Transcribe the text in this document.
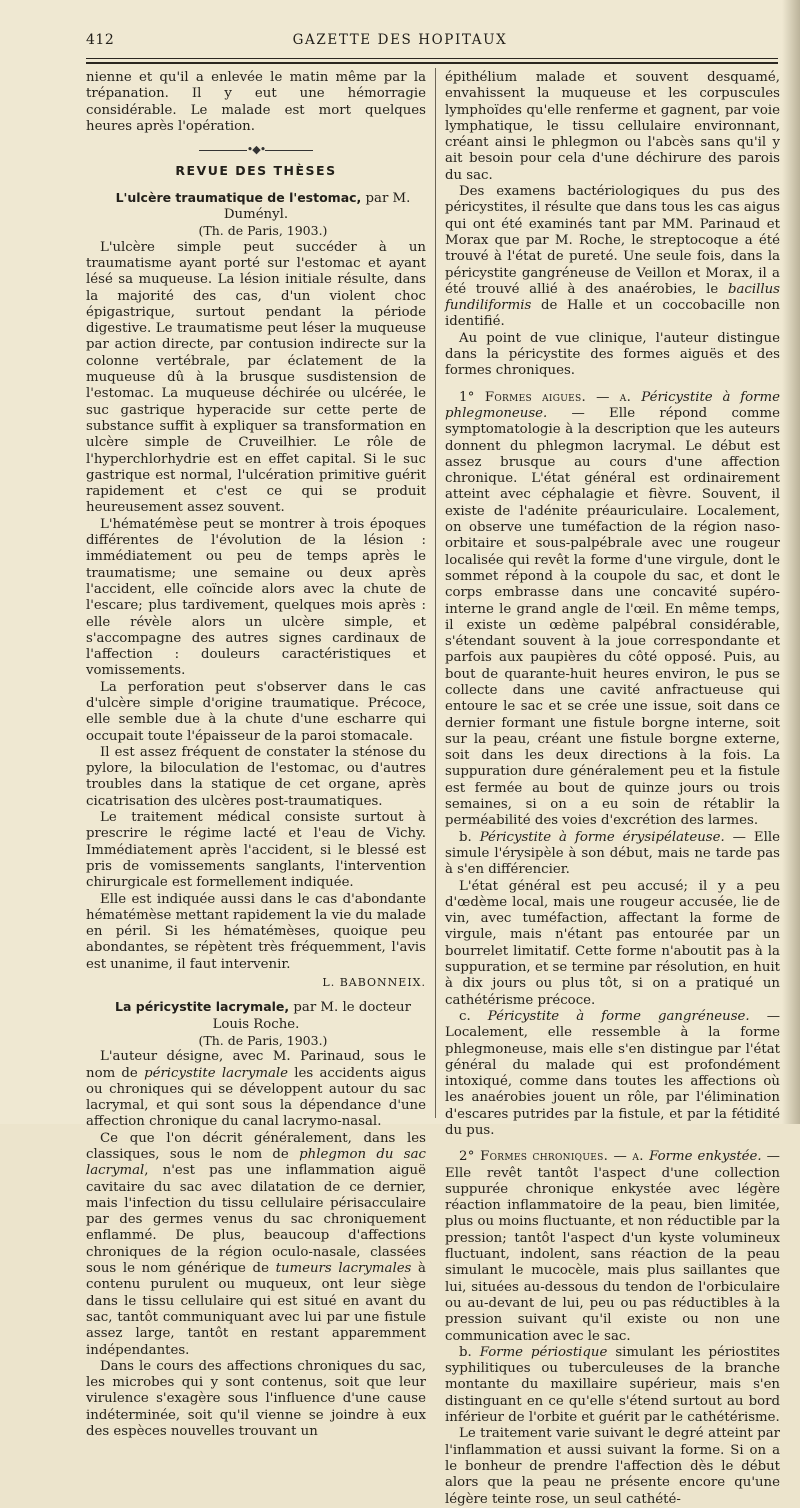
GAZETTE DES HOPITAUX
412

nienne et qu'il a enlevée le matin même par la trépanation. Il y eut une hémorragie considérable. Le malade est mort quelques heures après l'opération.

•◆•
REVUE DES THÈSES

L'ulcère traumatique de l'estomac, par M. Duményl.

(Th. de Paris, 1903.)

L'ulcère simple peut succéder à un traumatisme ayant porté sur l'estomac et ayant lésé sa muqueuse. La lésion initiale résulte, dans la majorité des cas, d'un violent choc épigastrique, surtout pendant la période digestive. Le traumatisme peut léser la muqueuse par action directe, par contusion indirecte sur la colonne vertébrale, par éclatement de la muqueuse dû à la brusque susdistension de l'estomac. La muqueuse déchirée ou ulcérée, le suc gastrique hyperacide sur cette perte de substance suffit à expliquer sa transformation en ulcère simple de Cruveilhier. Le rôle de l'hyperchlorhydrie est en effet capital. Si le suc gastrique est normal, l'ulcération primitive guérit rapidement et c'est ce qui se produit heureusement assez souvent.

L'hématémèse peut se montrer à trois époques différentes de l'évolution de la lésion : immédiatement ou peu de temps après le traumatisme; une semaine ou deux après l'accident, elle coïncide alors avec la chute de l'escare; plus tardivement, quelques mois après : elle révèle alors un ulcère simple, et s'accompagne des autres signes cardinaux de l'affection : douleurs caractéristiques et vomissements.

La perforation peut s'observer dans le cas d'ulcère simple d'origine traumatique. Précoce, elle semble due à la chute d'une escharre qui occupait toute l'épaisseur de la paroi stomacale.

Il est assez fréquent de constater la sténose du pylore, la biloculation de l'estomac, ou d'autres troubles dans la statique de cet organe, après cicatrisation des ulcères post-traumatiques.

Le traitement médical consiste surtout à prescrire le régime lacté et l'eau de Vichy. Immédiatement après l'accident, si le blessé est pris de vomissements sanglants, l'intervention chirurgicale est formellement indiquée.

Elle est indiquée aussi dans le cas d'abondante hématémèse mettant rapidement la vie du malade en péril. Si les hématémèses, quoique peu abondantes, se répètent très fréquemment, l'avis est unanime, il faut intervenir.

L. BABONNEIX.

La péricystite lacrymale, par M. le docteur Louis Roche.

(Th. de Paris, 1903.)

L'auteur désigne, avec M. Parinaud, sous le nom de péricystite lacrymale les accidents aigus ou chroniques qui se développent autour du sac lacrymal, et qui sont sous la dépendance d'une affection chronique du canal lacrymo-nasal.

Ce que l'on décrit généralement, dans les classiques, sous le nom de phlegmon du sac lacrymal, n'est pas une inflammation aiguë cavitaire du sac avec dilatation de ce dernier, mais l'infection du tissu cellulaire périsacculaire par des germes venus du sac chroniquement enflammé. De plus, beaucoup d'affections chroniques de la région oculo-nasale, classées sous le nom générique de tumeurs lacrymales à contenu purulent ou muqueux, ont leur siège dans le tissu cellulaire qui est situé en avant du sac, tantôt communiquant avec lui par une fistule assez large, tantôt en restant apparemment indépendantes.

Dans le cours des affections chroniques du sac, les microbes qui y sont contenus, soit que leur virulence s'exagère sous l'influence d'une cause indéterminée, soit qu'il vienne se joindre à eux des espèces nouvelles trouvant un

épithélium malade et souvent desquamé, envahissent la muqueuse et les corpuscules lymphoïdes qu'elle renferme et gagnent, par voie lymphatique, le tissu cellulaire environnant, créant ainsi le phlegmon ou l'abcès sans qu'il y ait besoin pour cela d'une déchirure des parois du sac.

Des examens bactériologiques du pus des péricystites, il résulte que dans tous les cas aigus qui ont été examinés tant par MM. Parinaud et Morax que par M. Roche, le streptocoque a été trouvé à l'état de pureté. Une seule fois, dans la péricystite gangréneuse de Veillon et Morax, il a été trouvé allié à des anaérobies, le bacillus fundiliformis de Halle et un coccobacille non identifié.

Au point de vue clinique, l'auteur distingue dans la péricystite des formes aiguës et des formes chroniques.

1° Formes aigues. — a. Péricystite à forme phlegmoneuse. — Elle répond comme symptomatologie à la description que les auteurs donnent du phlegmon lacrymal. Le début est assez brusque au cours d'une affection chronique. L'état général est ordinairement atteint avec céphalagie et fièvre. Souvent, il existe de l'adénite préauriculaire. Localement, on observe une tuméfaction de la région naso-orbitaire et sous-palpébrale avec une rougeur localisée qui revêt la forme d'une virgule, dont le sommet répond à la coupole du sac, et dont le corps embrasse dans une concavité supéro-interne le grand angle de l'œil. En même temps, il existe un œdème palpébral considérable, s'étendant souvent à la joue correspondante et parfois aux paupières du côté opposé. Puis, au bout de quarante-huit heures environ, le pus se collecte dans une cavité anfractueuse qui entoure le sac et se crée une issue, soit dans ce dernier formant une fistule borgne interne, soit sur la peau, créant une fistule borgne externe, soit dans les deux directions à la fois. La suppuration dure généralement peu et la fistule est fermée au bout de quinze jours ou trois semaines, si on a eu soin de rétablir la perméabilité des voies d'excrétion des larmes.

b. Péricystite à forme érysipélateuse. — Elle simule l'érysipèle à son début, mais ne tarde pas à s'en différencier.

L'état général est peu accusé; il y a peu d'œdème local, mais une rougeur accusée, lie de vin, avec tuméfaction, affectant la forme de virgule, mais n'étant pas entourée par un bourrelet limitatif. Cette forme n'aboutit pas à la suppuration, et se termine par résolution, en huit à dix jours ou plus tôt, si on a pratiqué un cathétérisme précoce.

c. Péricystite à forme gangréneuse. — Localement, elle ressemble à la forme phlegmoneuse, mais elle s'en distingue par l'état général du malade qui est profondément intoxiqué, comme dans toutes les affections où les anaérobies jouent un rôle, par l'élimination d'escares putrides par la fistule, et par la fétidité du pus.

2° Formes chroniques. — a. Forme enkystée. — Elle revêt tantôt l'aspect d'une collection suppurée chronique enkystée avec légère réaction inflammatoire de la peau, bien limitée, plus ou moins fluctuante, et non réductible par la pression; tantôt l'aspect d'un kyste volumineux fluctuant, indolent, sans réaction de la peau simulant le mucocèle, mais plus saillantes que lui, situées au-dessous du tendon de l'orbiculaire ou au-devant de lui, peu ou pas réductibles à la pression suivant qu'il existe ou non une communication avec le sac.

b. Forme périostique simulant les périostites syphilitiques ou tuberculeuses de la branche montante du maxillaire supérieur, mais s'en distinguant en ce qu'elle s'étend surtout au bord inférieur de l'orbite et guérit par le cathétérisme.

Le traitement varie suivant le degré atteint par l'inflammation et aussi suivant la forme. Si on a le bonheur de prendre l'affection dès le début alors que la peau ne présente encore qu'une légère teinte rose, un seul cathété-
